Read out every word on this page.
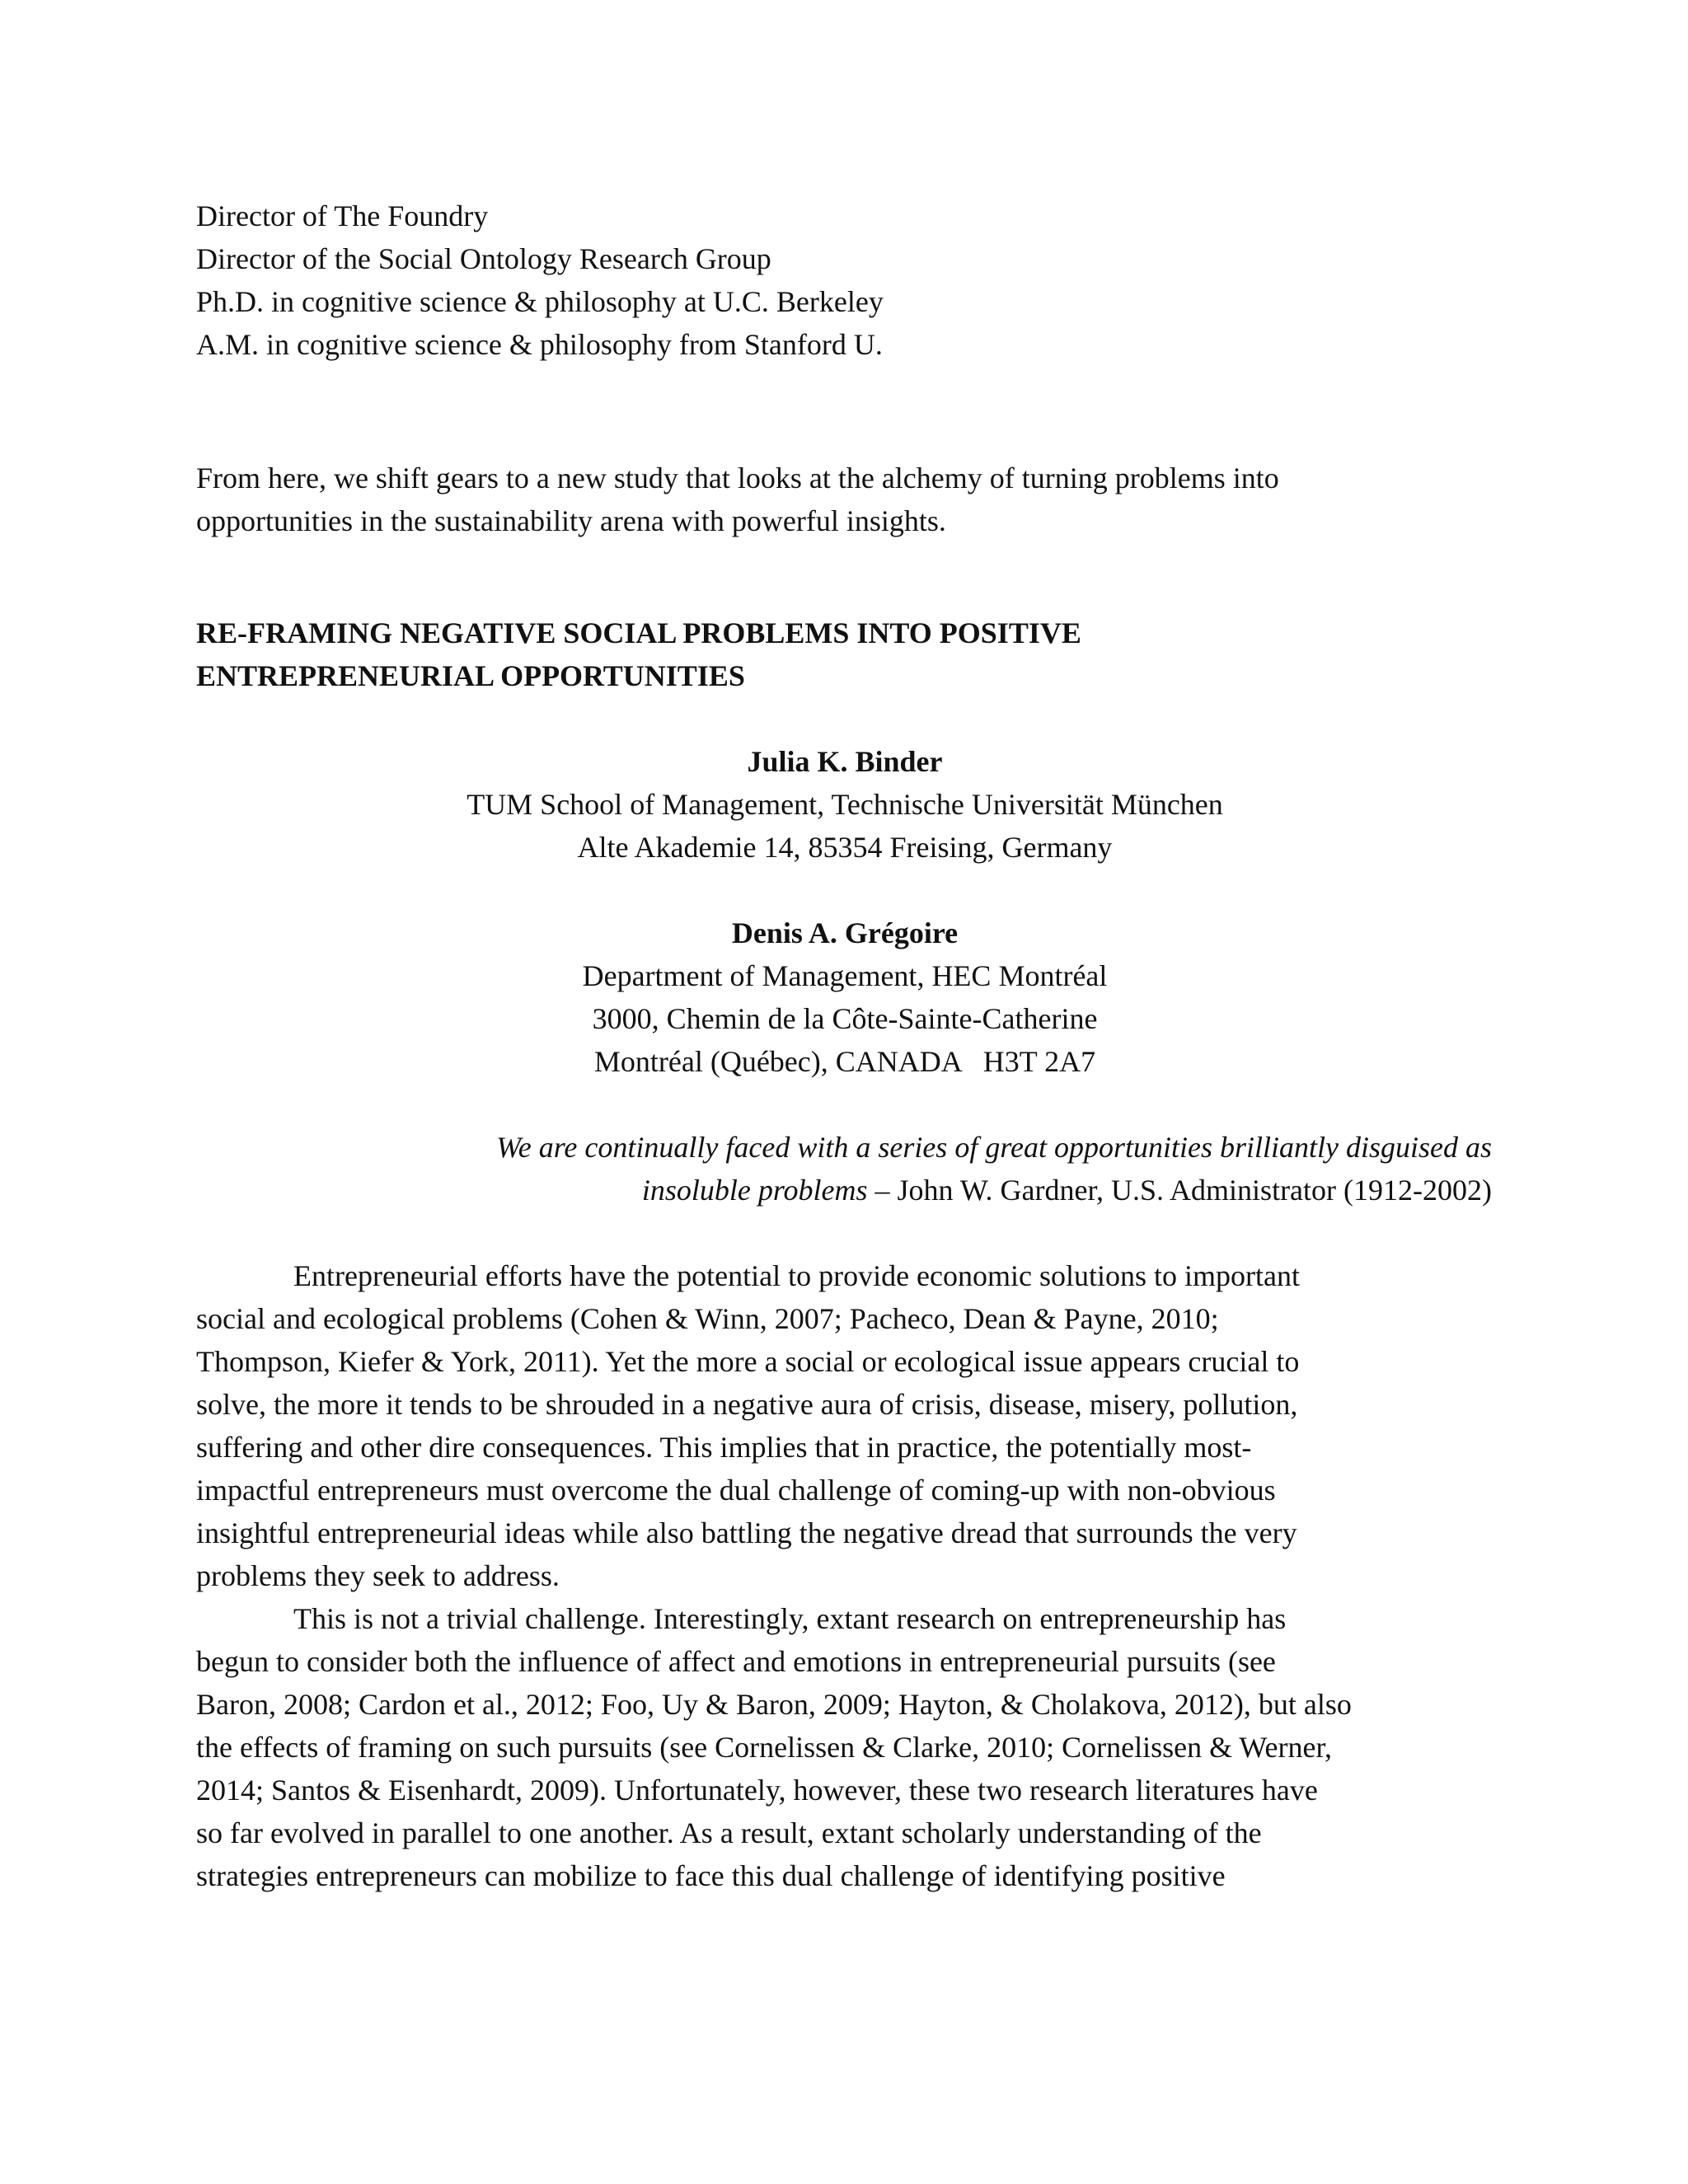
Director of The Foundry

Director of the Social Ontology Research Group

Ph.D. in cognitive science & philosophy at U.C. Berkeley

A.M. in cognitive science & philosophy from Stanford U.

From here, we shift gears to a new study that looks at the alchemy of turning problems into

opportunities in the sustainability arena with powerful insights.

RE-FRAMING NEGATIVE SOCIAL PROBLEMS INTO POSITIVE

ENTREPRENEURIAL OPPORTUNITIES

Julia K. Binder

TUM School of Management, Technische Universität München

Alte Akademie 14, 85354 Freising, Germany

Denis A. Grégoire

Department of Management, HEC Montréal

3000, Chemin de la Côte-Sainte-Catherine

Montréal (Québec), CANADA   H3T 2A7

We are continually faced with a series of great opportunities brilliantly disguised as

insoluble problems – John W. Gardner, U.S. Administrator (1912-2002)

Entrepreneurial efforts have the potential to provide economic solutions to important
social and ecological problems (Cohen & Winn, 2007; Pacheco, Dean & Payne, 2010;
Thompson, Kiefer & York, 2011). Yet the more a social or ecological issue appears crucial to
solve, the more it tends to be shrouded in a negative aura of crisis, disease, misery, pollution,
suffering and other dire consequences. This implies that in practice, the potentially most-
impactful entrepreneurs must overcome the dual challenge of coming-up with non-obvious
insightful entrepreneurial ideas while also battling the negative dread that surrounds the very
problems they seek to address.
This is not a trivial challenge. Interestingly, extant research on entrepreneurship has
begun to consider both the influence of affect and emotions in entrepreneurial pursuits (see
Baron, 2008; Cardon et al., 2012; Foo, Uy & Baron, 2009; Hayton, & Cholakova, 2012), but also
the effects of framing on such pursuits (see Cornelissen & Clarke, 2010; Cornelissen & Werner,
2014; Santos & Eisenhardt, 2009). Unfortunately, however, these two research literatures have
so far evolved in parallel to one another. As a result, extant scholarly understanding of the
strategies entrepreneurs can mobilize to face this dual challenge of identifying positive
